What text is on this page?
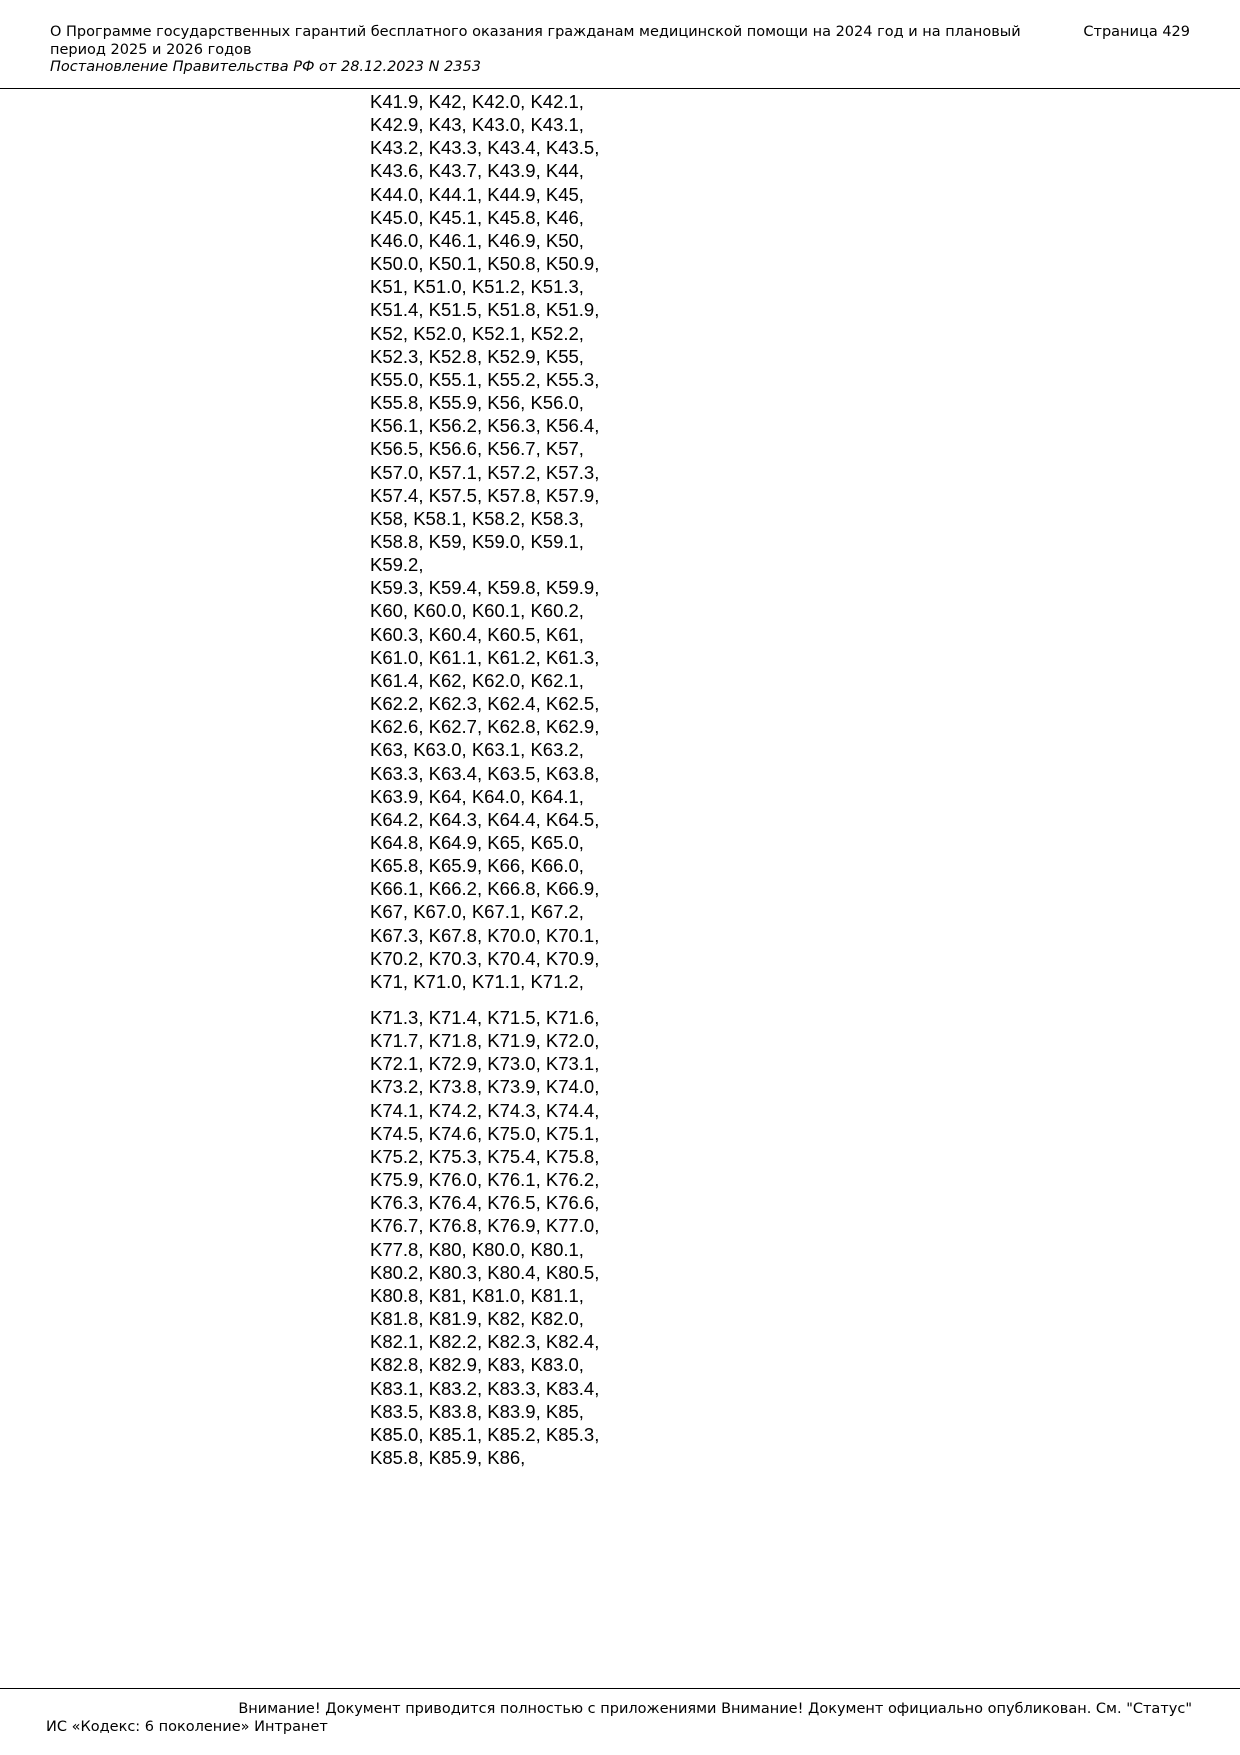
О Программе государственных гарантий бесплатного оказания гражданам медицинской помощи на 2024 год и на плановый период 2025 и 2026 годов
Постановление Правительства РФ от 28.12.2023 N 2353
Страница 429
K41.9, K42, K42.0, K42.1,
K42.9, K43, K43.0, K43.1,
K43.2, K43.3, K43.4, K43.5,
K43.6, K43.7, K43.9, K44,
K44.0, K44.1, K44.9, K45,
K45.0, K45.1, K45.8, K46,
K46.0, K46.1, K46.9, K50,
K50.0, K50.1, K50.8, K50.9,
K51, K51.0, K51.2, K51.3,
K51.4, K51.5, K51.8, K51.9,
K52, K52.0, K52.1, K52.2,
K52.3, K52.8, K52.9, K55,
K55.0, K55.1, K55.2, K55.3,
K55.8, K55.9, K56, K56.0,
K56.1, K56.2, K56.3, K56.4,
K56.5, K56.6, K56.7, K57,
K57.0, K57.1, K57.2, K57.3,
K57.4, K57.5, K57.8, K57.9,
K58, K58.1, K58.2, K58.3,
K58.8, K59, K59.0, K59.1,
K59.2,
K59.3, K59.4, K59.8, K59.9,
K60, K60.0, K60.1, K60.2,
K60.3, K60.4, K60.5, K61,
K61.0, K61.1, K61.2, K61.3,
K61.4, K62, K62.0, K62.1,
K62.2, K62.3, K62.4, K62.5,
K62.6, K62.7, K62.8, K62.9,
K63, K63.0, K63.1, K63.2,
K63.3, K63.4, K63.5, K63.8,
K63.9, K64, K64.0, K64.1,
K64.2, K64.3, K64.4, K64.5,
K64.8, K64.9, K65, K65.0,
K65.8, K65.9, K66, K66.0,
K66.1, K66.2, K66.8, K66.9,
K67, K67.0, K67.1, K67.2,
K67.3, K67.8, K70.0, K70.1,
K70.2, K70.3, K70.4, K70.9,
K71, K71.0, K71.1, K71.2,
K71.3, K71.4, K71.5, K71.6,
K71.7, K71.8, K71.9, K72.0,
K72.1, K72.9, K73.0, K73.1,
K73.2, K73.8, K73.9, K74.0,
K74.1, K74.2, K74.3, K74.4,
K74.5, K74.6, K75.0, K75.1,
K75.2, K75.3, K75.4, K75.8,
K75.9, K76.0, K76.1, K76.2,
K76.3, K76.4, K76.5, K76.6,
K76.7, K76.8, K76.9, K77.0,
K77.8, K80, K80.0, K80.1,
K80.2, K80.3, K80.4, K80.5,
K80.8, K81, K81.0, K81.1,
K81.8, K81.9, K82, K82.0,
K82.1, K82.2, K82.3, K82.4,
K82.8, K82.9, K83, K83.0,
K83.1, K83.2, K83.3, K83.4,
K83.5, K83.8, K83.9, K85,
K85.0, K85.1, K85.2, K85.3,
K85.8, K85.9, K86,
Внимание! Документ приводится полностью с приложениями Внимание! Документ официально опубликован. См. "Статус"
ИС «Кодекс: 6 поколение» Интранет
